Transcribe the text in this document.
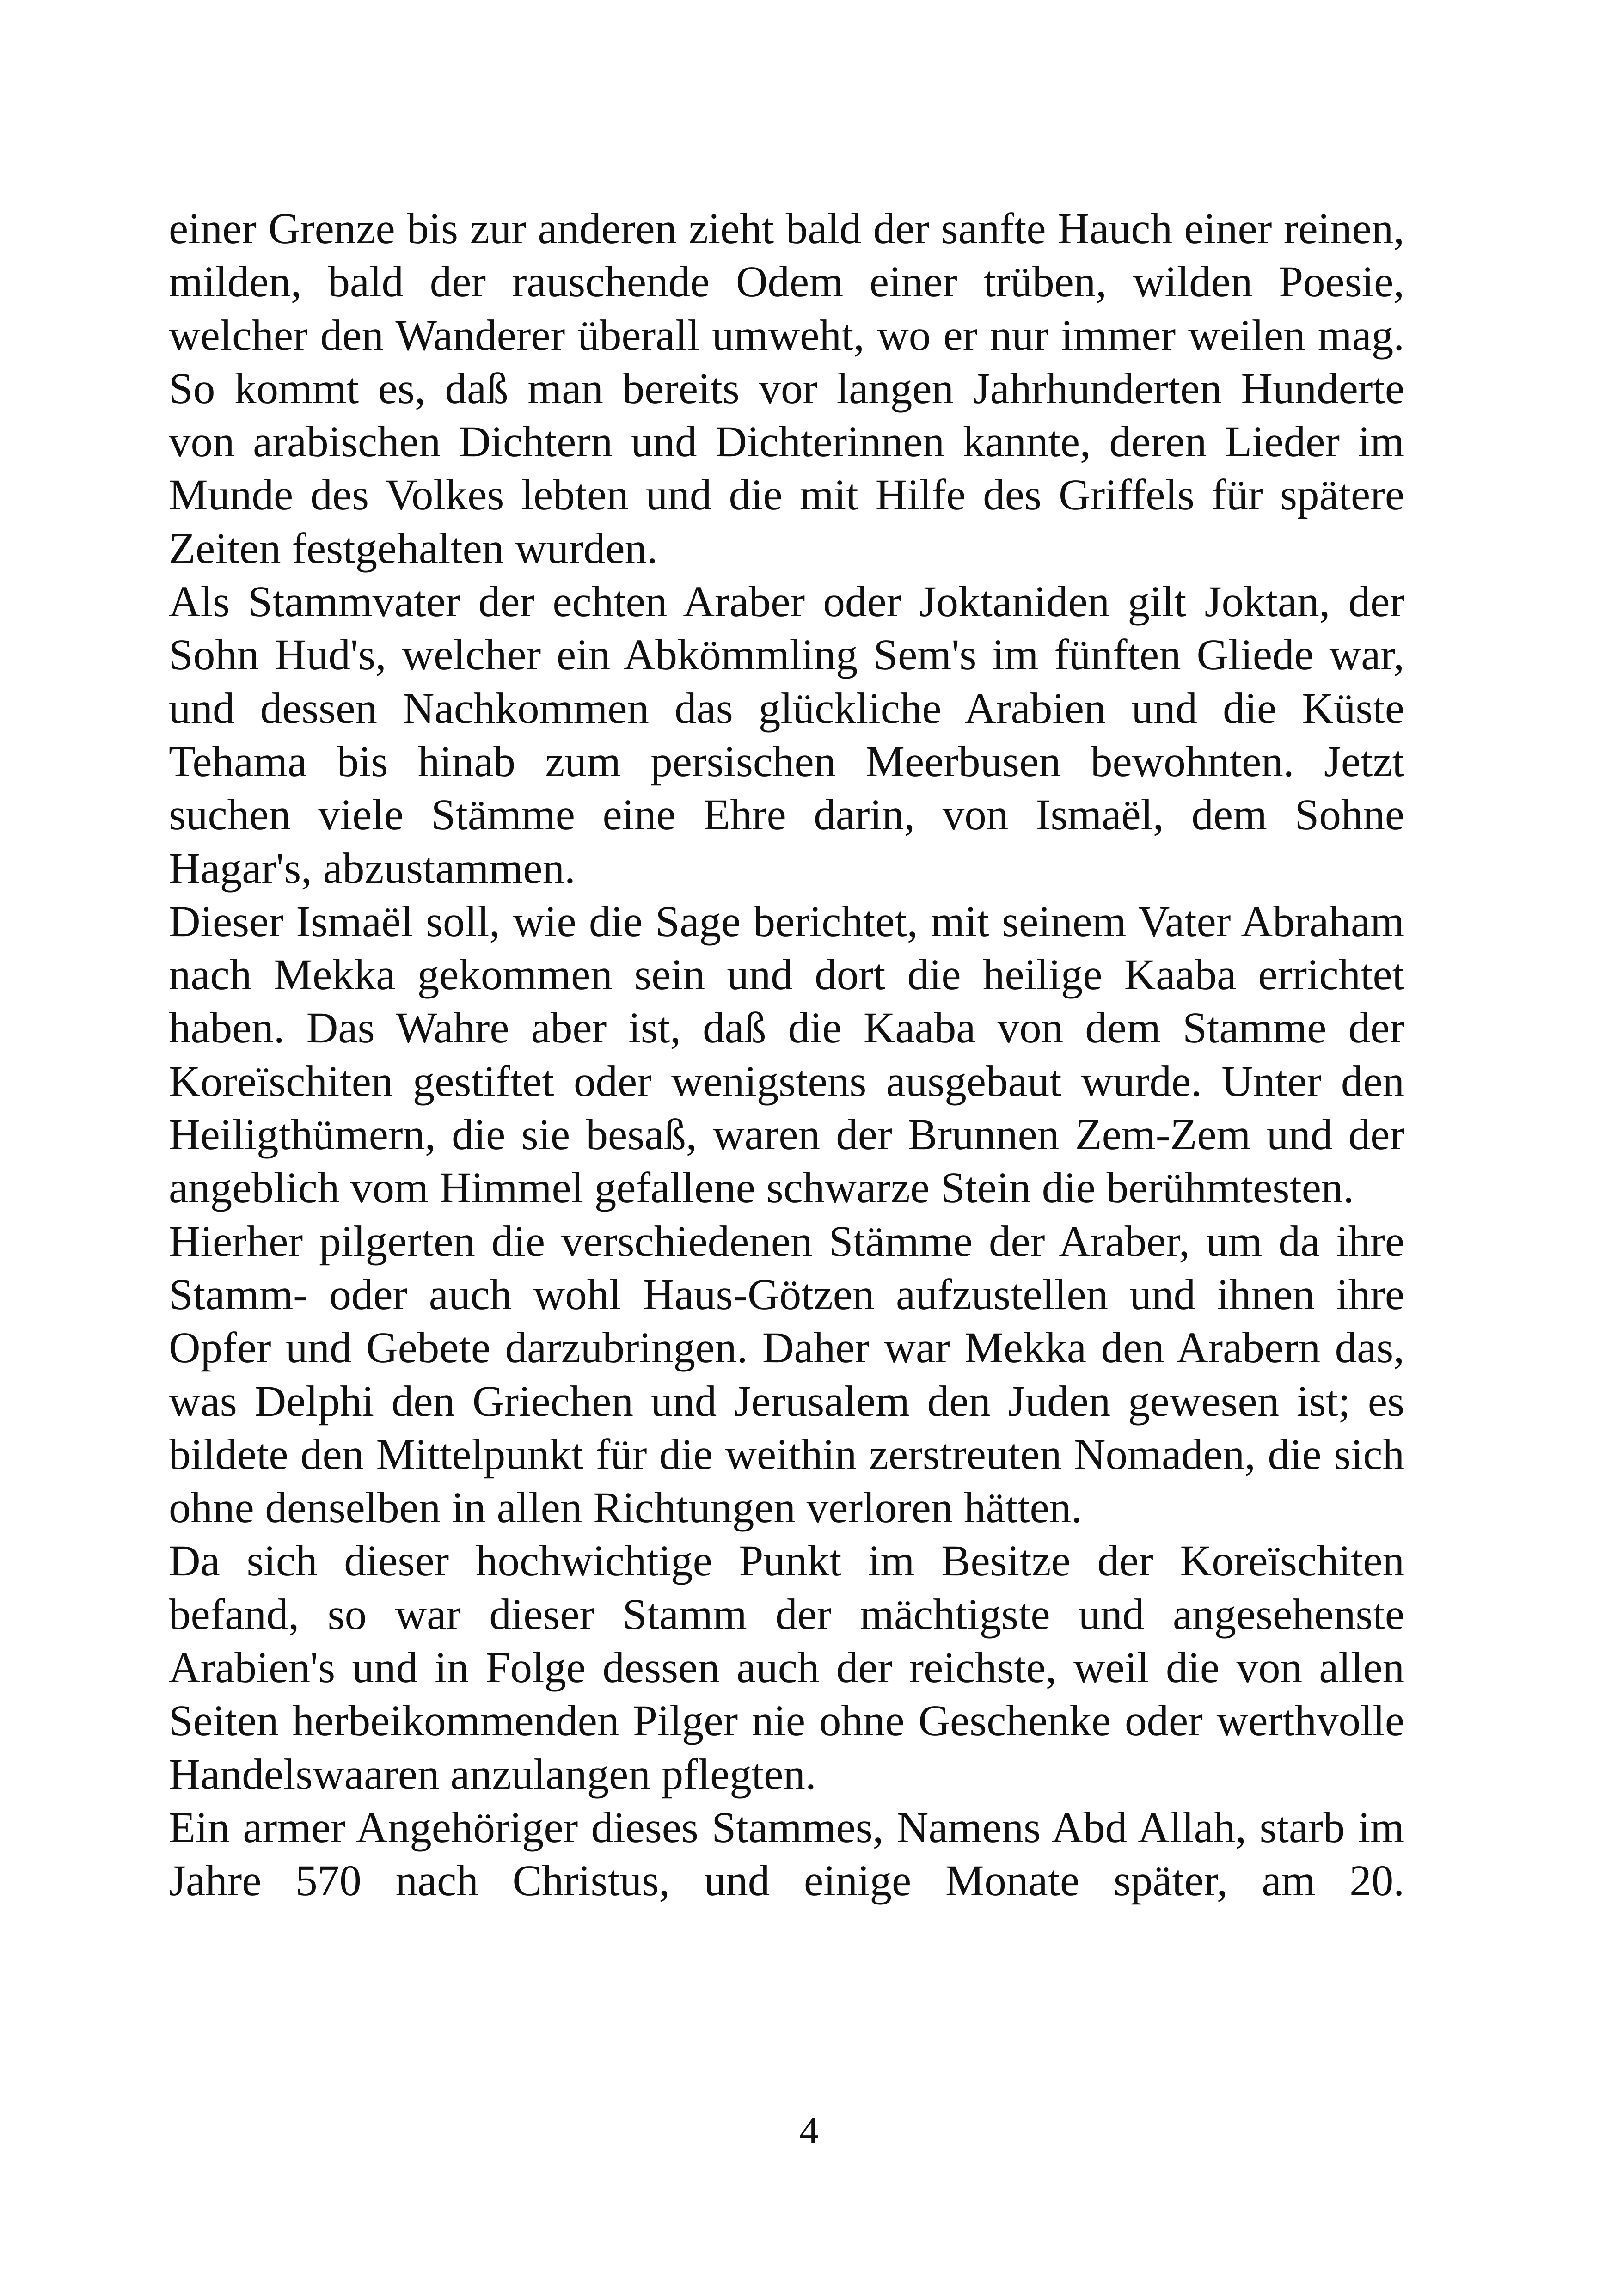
einer Grenze bis zur anderen zieht bald der sanfte Hauch einer reinen, milden, bald der rauschende Odem einer trüben, wilden Poesie, welcher den Wanderer überall umweht, wo er nur immer weilen mag. So kommt es, daß man bereits vor langen Jahrhunderten Hunderte von arabischen Dichtern und Dichterinnen kannte, deren Lieder im Munde des Volkes lebten und die mit Hilfe des Griffels für spätere Zeiten festgehalten wurden.

Als Stammvater der echten Araber oder Joktaniden gilt Joktan, der Sohn Hud's, welcher ein Abkömmling Sem's im fünften Gliede war, und dessen Nachkommen das glückliche Arabien und die Küste Tehama bis hinab zum persischen Meerbusen bewohnten. Jetzt suchen viele Stämme eine Ehre darin, von Ismaël, dem Sohne Hagar's, abzustammen.

Dieser Ismaël soll, wie die Sage berichtet, mit seinem Vater Abraham nach Mekka gekommen sein und dort die heilige Kaaba errichtet haben. Das Wahre aber ist, daß die Kaaba von dem Stamme der Koreïschiten gestiftet oder wenigstens ausgebaut wurde. Unter den Heiligthümern, die sie besaß, waren der Brunnen Zem-Zem und der angeblich vom Himmel gefallene schwarze Stein die berühmtesten.

Hierher pilgerten die verschiedenen Stämme der Araber, um da ihre Stamm- oder auch wohl Haus-Götzen aufzustellen und ihnen ihre Opfer und Gebete darzubringen. Daher war Mekka den Arabern das, was Delphi den Griechen und Jerusalem den Juden gewesen ist; es bildete den Mittelpunkt für die weithin zerstreuten Nomaden, die sich ohne denselben in allen Richtungen verloren hätten.

Da sich dieser hochwichtige Punkt im Besitze der Koreïschiten befand, so war dieser Stamm der mächtigste und angesehenste Arabien's und in Folge dessen auch der reichste, weil die von allen Seiten herbeikommenden Pilger nie ohne Geschenke oder werthvolle Handelswaaren anzulangen pflegten.

Ein armer Angehöriger dieses Stammes, Namens Abd Allah, starb im Jahre 570 nach Christus, und einige Monate später, am 20.

4
